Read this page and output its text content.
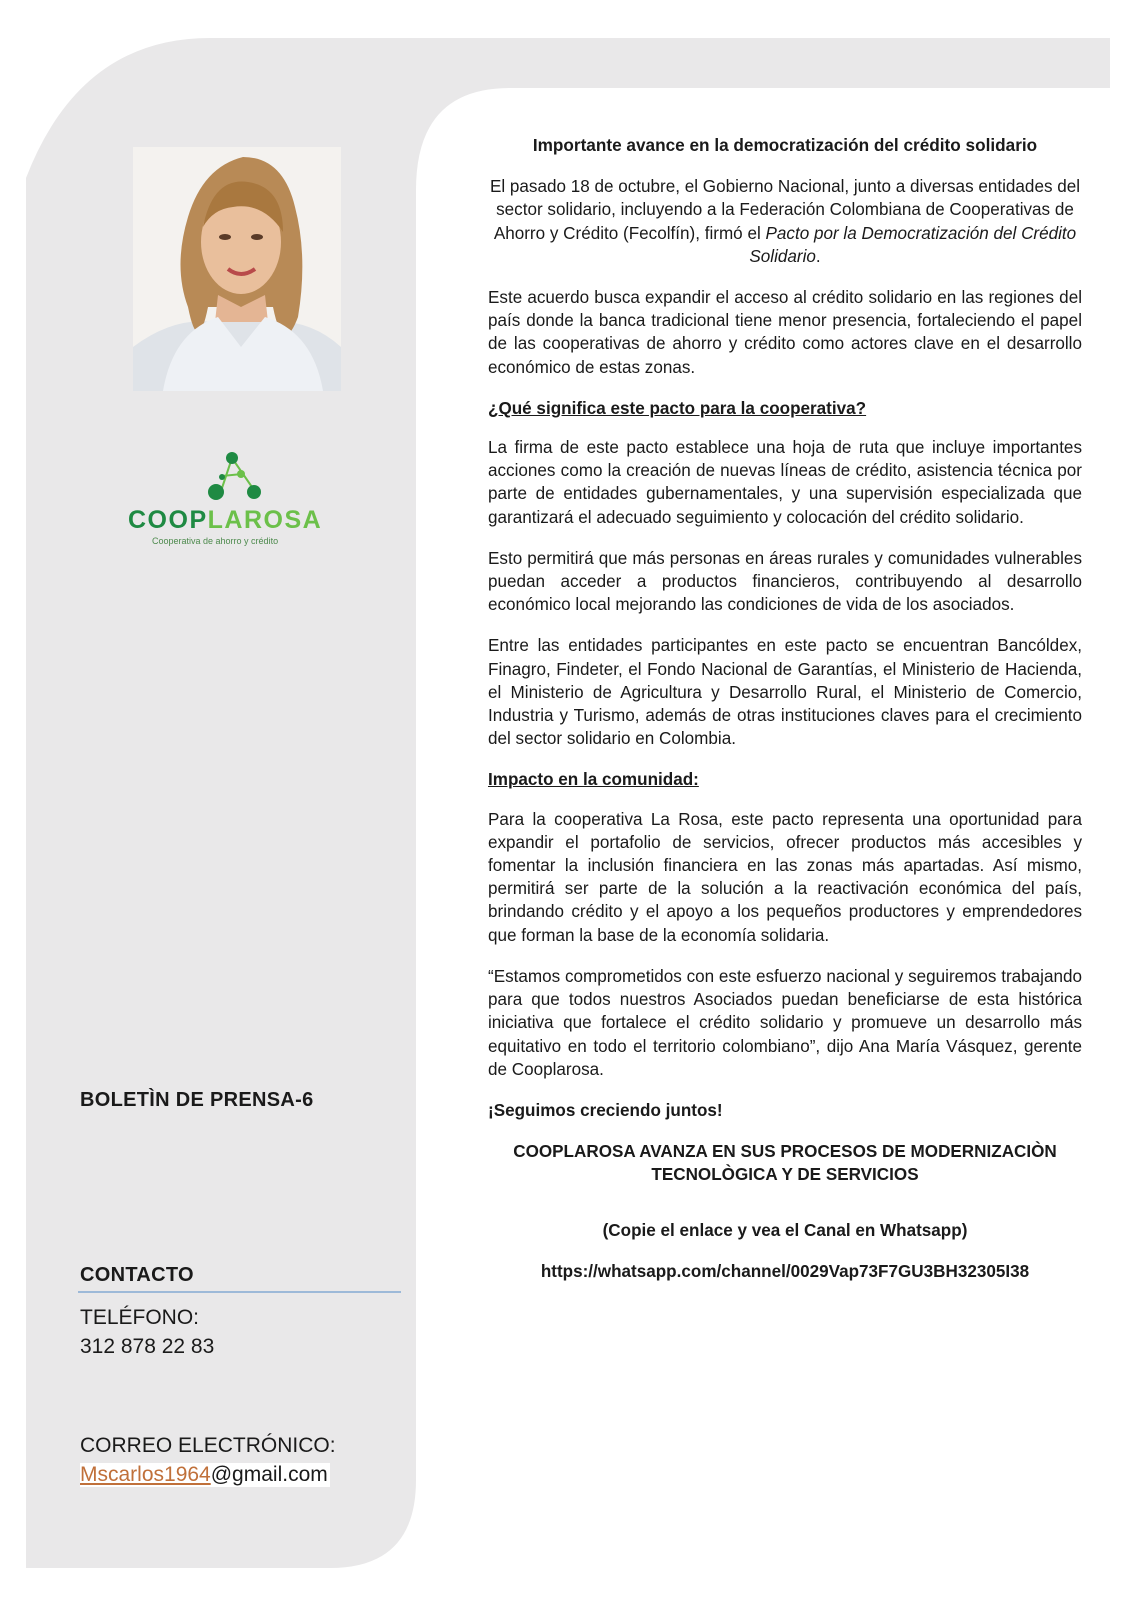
COOPLAROSA
Cooperativa de ahorro y crédito
BOLETÌN DE PRENSA-6
CONTACTO
TELÉFONO:
312 878 22 83
CORREO ELECTRÓNICO:
Mscarlos1964@gmail.com

Importante avance en la democratización del crédito solidario

El pasado 18 de octubre, el Gobierno Nacional, junto a diversas entidades del sector solidario, incluyendo a la Federación Colombiana de Cooperativas de Ahorro y Crédito (Fecolfín), firmó el Pacto por la Democratización del Crédito Solidario.

Este acuerdo busca expandir el acceso al crédito solidario en las regiones del país donde la banca tradicional tiene menor presencia, fortaleciendo el papel de las cooperativas de ahorro y crédito como actores clave en el desarrollo económico de estas zonas.

¿Qué significa este pacto para la cooperativa?

La firma de este pacto establece una hoja de ruta que incluye importantes acciones como la creación de nuevas líneas de crédito, asistencia técnica por parte de entidades gubernamentales, y una supervisión especializada que garantizará el adecuado seguimiento y colocación del crédito solidario.

Esto permitirá que más personas en áreas rurales y comunidades vulnerables puedan acceder a productos financieros, contribuyendo al desarrollo económico local mejorando las condiciones de vida de los asociados.

Entre las entidades participantes en este pacto se encuentran Bancóldex, Finagro, Findeter, el Fondo Nacional de Garantías, el Ministerio de Hacienda, el Ministerio de Agricultura y Desarrollo Rural, el Ministerio de Comercio, Industria y Turismo, además de otras instituciones claves para el crecimiento del sector solidario en Colombia.

Impacto en la comunidad:

Para la cooperativa La Rosa, este pacto representa una oportunidad para expandir el portafolio de servicios, ofrecer productos más accesibles y fomentar la inclusión financiera en las zonas más apartadas. Así mismo, permitirá ser parte de la solución a la reactivación económica del país, brindando crédito y el apoyo a los pequeños productores y emprendedores que forman la base de la economía solidaria.

“Estamos comprometidos con este esfuerzo nacional y seguiremos trabajando para que todos nuestros Asociados puedan beneficiarse de esta histórica iniciativa que fortalece el crédito solidario y promueve un desarrollo más equitativo en todo el territorio colombiano”, dijo Ana María Vásquez, gerente de Cooplarosa.

¡Seguimos creciendo juntos!

COOPLAROSA AVANZA EN SUS PROCESOS DE MODERNIZACIÒN TECNOLÒGICA Y DE SERVICIOS

(Copie el enlace y vea el Canal en Whatsapp)

https://whatsapp.com/channel/0029Vap73F7GU3BH32305I38
